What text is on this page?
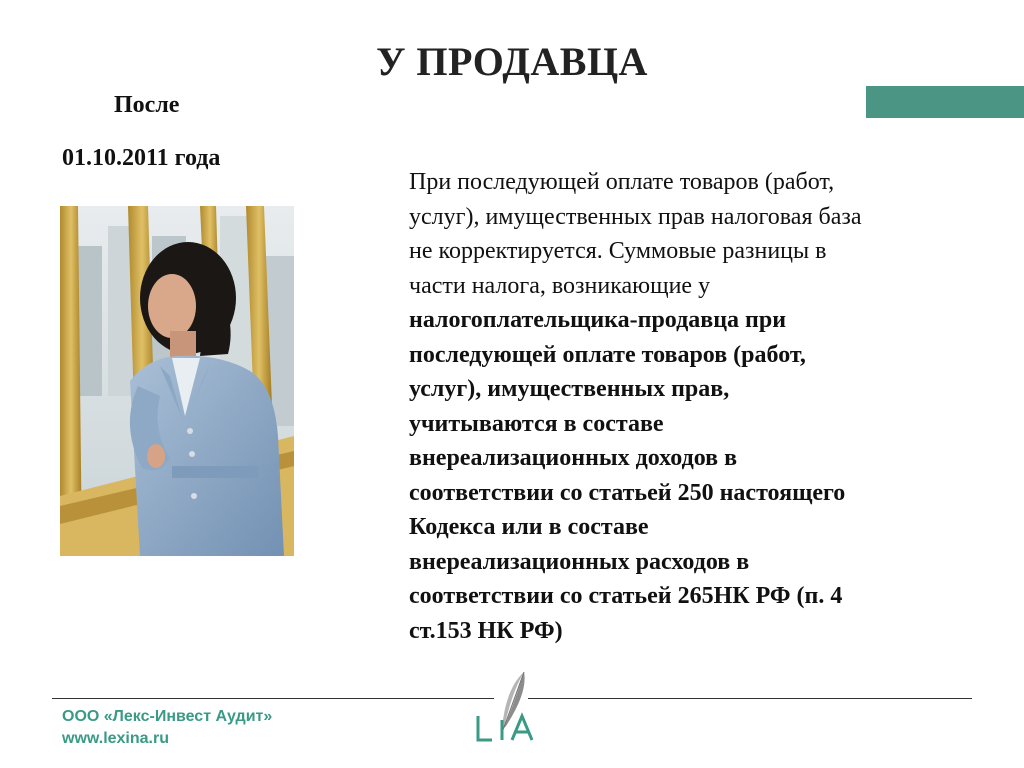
У ПРОДАВЦА
После
01.10.2011 года
При последующей оплате товаров (работ,
услуг), имущественных прав налоговая база
не корректируется. Суммовые разницы в
части налога, возникающие у
налогоплательщика-продавца при
последующей оплате товаров (работ,
услуг), имущественных прав,
учитываются в составе
внереализационных доходов в
соответствии со статьей 250 настоящего
Кодекса или в составе
внереализационных расходов в
соответствии со статьей 265НК РФ (п. 4
ст.153 НК РФ)
ООО «Лекс-Инвест Аудит»
www.lexina.ru
